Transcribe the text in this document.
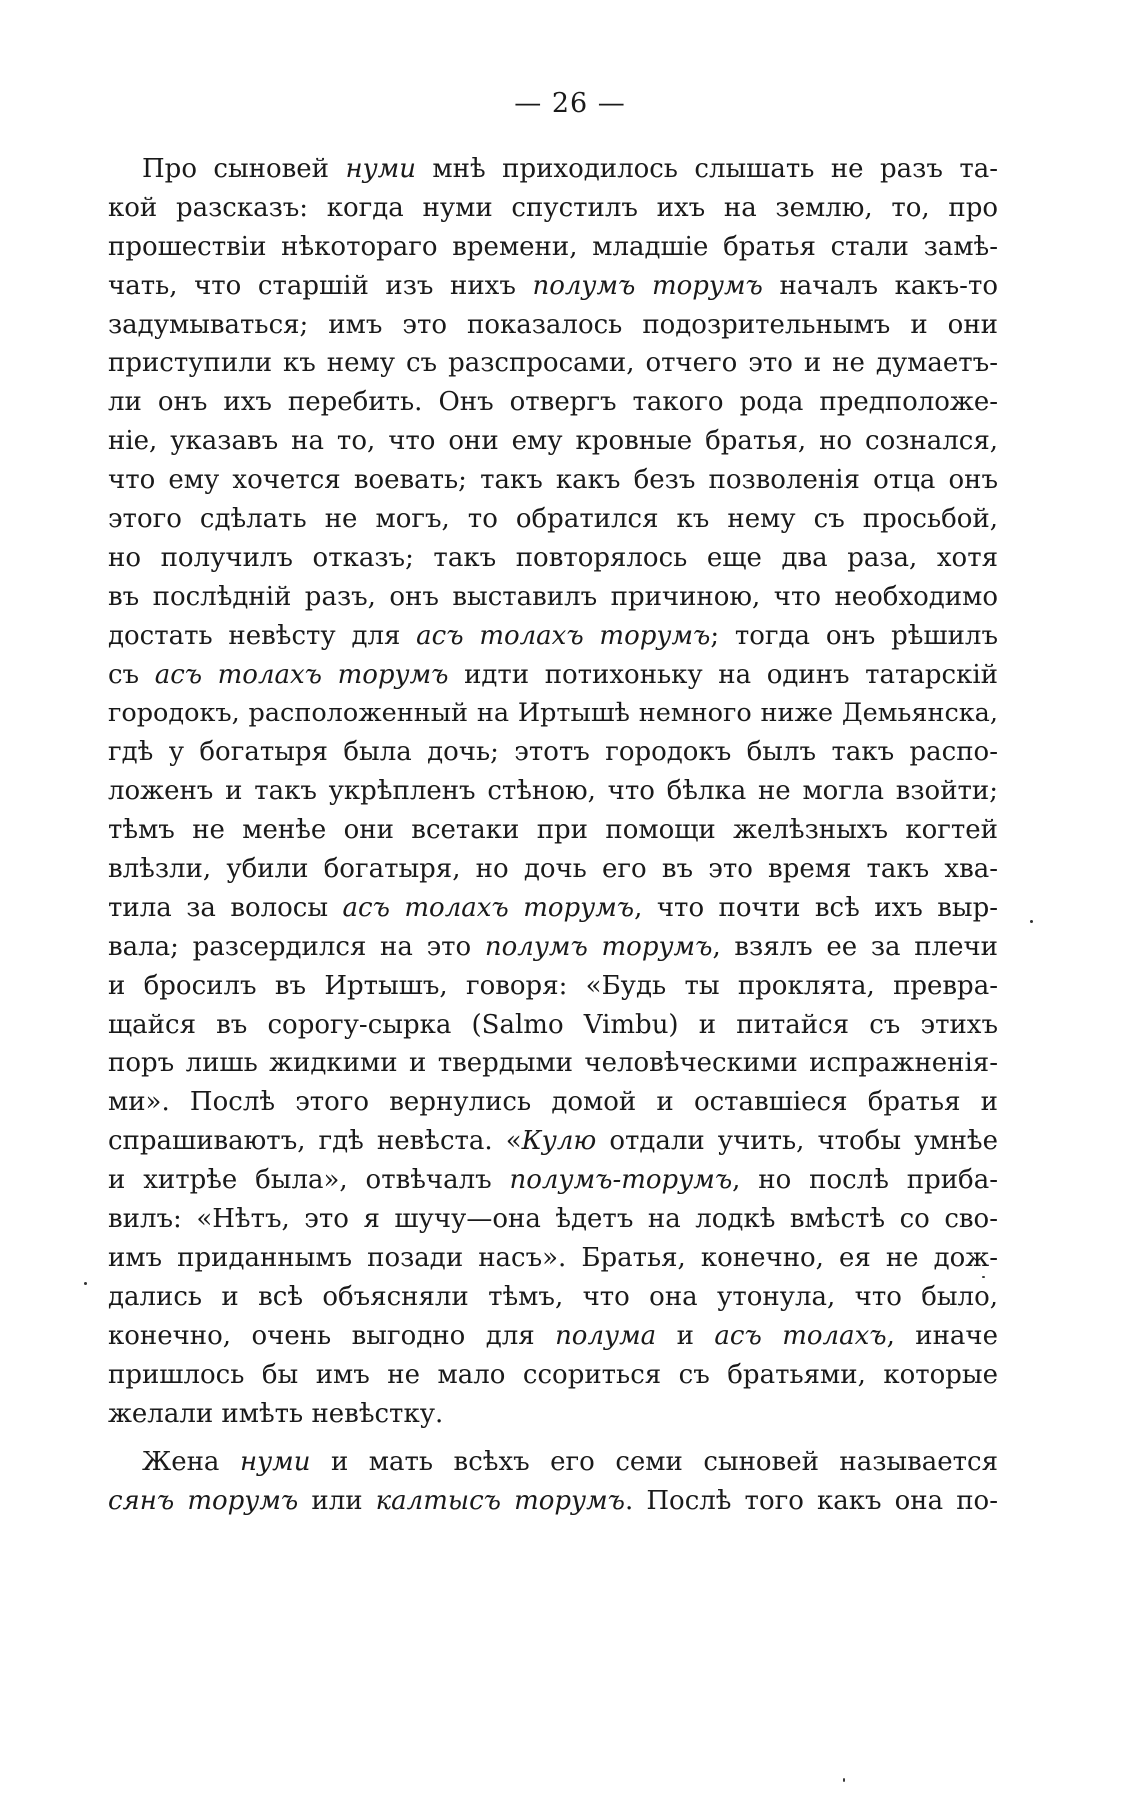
— 26 —
Про сыновей нуми мнѣ приходилось слышать не разъ та-
кой разсказъ: когда нуми спустилъ ихъ на землю, то, про
прошествіи нѣкотораго времени, младшіе братья стали замѣ-
чать, что старшій изъ нихъ полумъ торумъ началъ какъ-то
задумываться; имъ это показалось подозрительнымъ и они
приступили къ нему съ разспросами, отчего это и не думаетъ-
ли онъ ихъ перебить. Онъ отвергъ такого рода предположе-
ніе, указавъ на то, что они ему кровные братья, но сознался,
что ему хочется воевать; такъ какъ безъ позволенія отца онъ
этого сдѣлать не могъ, то обратился къ нему съ просьбой,
но получилъ отказъ; такъ повторялось еще два раза, хотя
въ послѣдній разъ, онъ выставилъ причиною, что необходимо
достать невѣсту для асъ толахъ торумъ; тогда онъ рѣшилъ
съ асъ толахъ торумъ идти потихоньку на одинъ татарскій
городокъ, расположенный на Иртышѣ немного ниже Демьянска,
гдѣ у богатыря была дочь; этотъ городокъ былъ такъ распо-
ложенъ и такъ укрѣпленъ стѣною, что бѣлка не могла взойти;
тѣмъ не менѣе они всетаки при помощи желѣзныхъ когтей
влѣзли, убили богатыря, но дочь его въ это время такъ хва-
тила за волосы асъ толахъ торумъ, что почти всѣ ихъ выр-
вала; разсердился на это полумъ торумъ, взялъ ее за плечи
и бросилъ въ Иртышъ, говоря: «Будь ты проклята, превра-
щайся въ сорогу-сырка (Salmo Vimbu) и питайся съ этихъ
поръ лишь жидкими и твердыми человѣческими испражненія-
ми». Послѣ этого вернулись домой и оставшіеся братья и
спрашиваютъ, гдѣ невѣста. «Кулю отдали учить, чтобы умнѣе
и хитрѣе была», отвѣчалъ полумъ-торумъ, но послѣ приба-
вилъ: «Нѣтъ, это я шучу—она ѣдетъ на лодкѣ вмѣстѣ со сво-
имъ приданнымъ позади насъ». Братья, конечно, ея не дож-
дались и всѣ объясняли тѣмъ, что она утонула, что было,
конечно, очень выгодно для полума и асъ толахъ, иначе
пришлось бы имъ не мало ссориться съ братьями, которые
желали имѣть невѣстку.
Жена нуми и мать всѣхъ его семи сыновей называется
сянъ торумъ или калтысъ торумъ. Послѣ того какъ она по-
